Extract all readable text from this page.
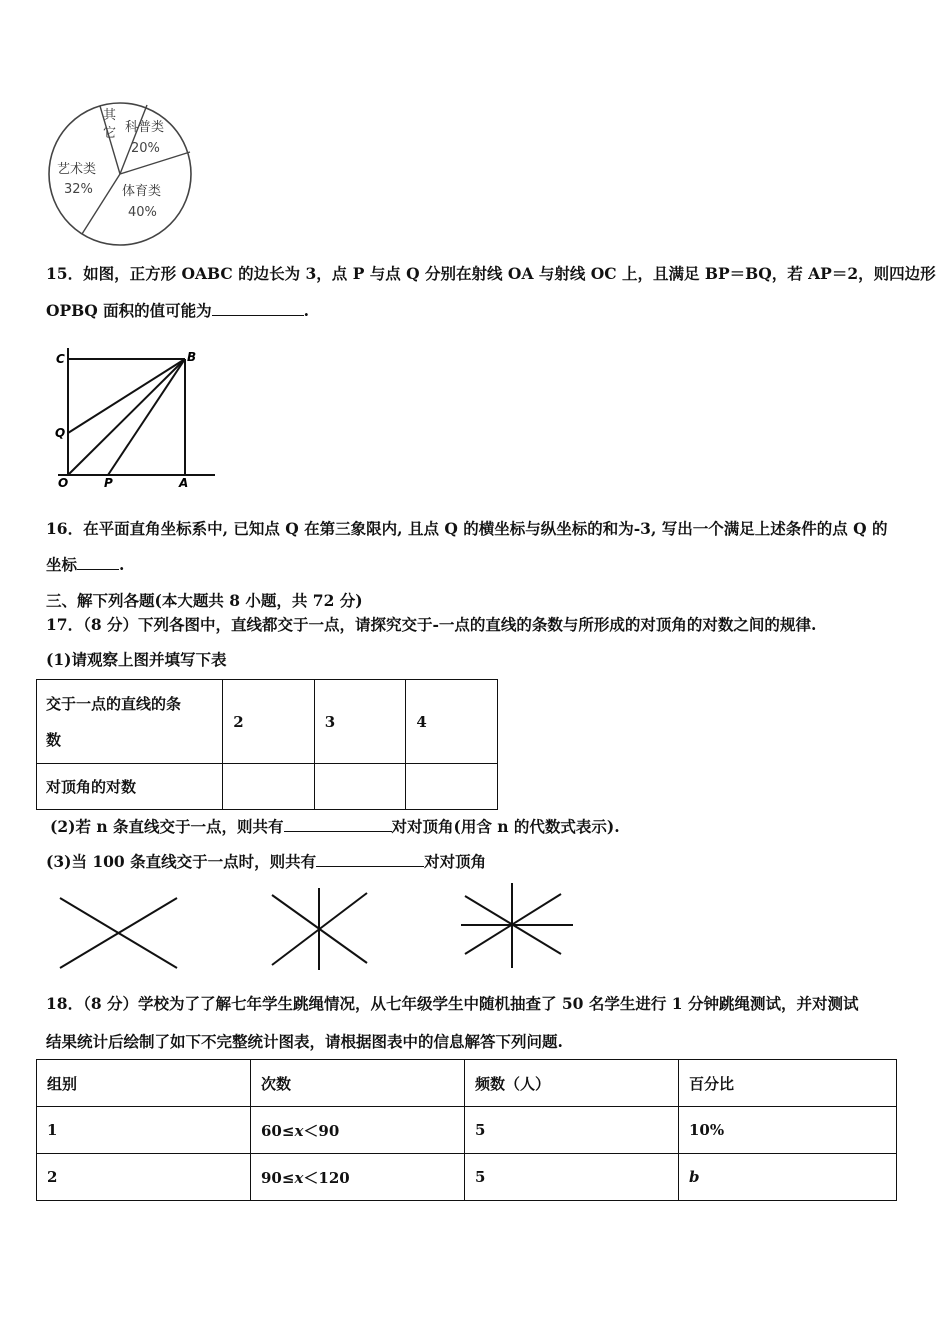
其
它 科普类
20%
体育类
40%
艺术类
32%
15．如图，正方形 OABC 的边长为 3，点 P 与点 Q 分别在射线 OA 与射线 OC 上，且满足 BP＝BQ，若 AP＝2，则四边形
OPBQ 面积的值可能为	.
C	B
Q
O	P	A
16．在平面直角坐标系中, 已知点 Q 在第三象限内, 且点 Q 的横坐标与纵坐标的和为-3, 写出一个满足上述条件的点 Q 的
坐标	.
三、解下列各题(本大题共 8 小题，共 72 分)
17．（8 分）下列各图中，直线都交于一点，请探究交于-一点的直线的条数与所形成的对顶角的对数之间的规律.
(1)请观察上图并填写下表
交于一点的直线的条
数	2	3	4
对顶角的对数			
(2)若 n 条直线交于一点，则共有	对对顶角(用含 n 的代数式表示).
(3)当 100 条直线交于一点时，则共有	对对顶角
18．（8 分）学校为了了解七年学生跳绳情况，从七年级学生中随机抽查了 50 名学生进行 1 分钟跳绳测试，并对测试
结果统计后绘制了如下不完整统计图表，请根据图表中的信息解答下列问题.
组别	次数	频数（人）	百分比
1	60≤x＜90	5	10%
2	90≤x＜120	5	b
